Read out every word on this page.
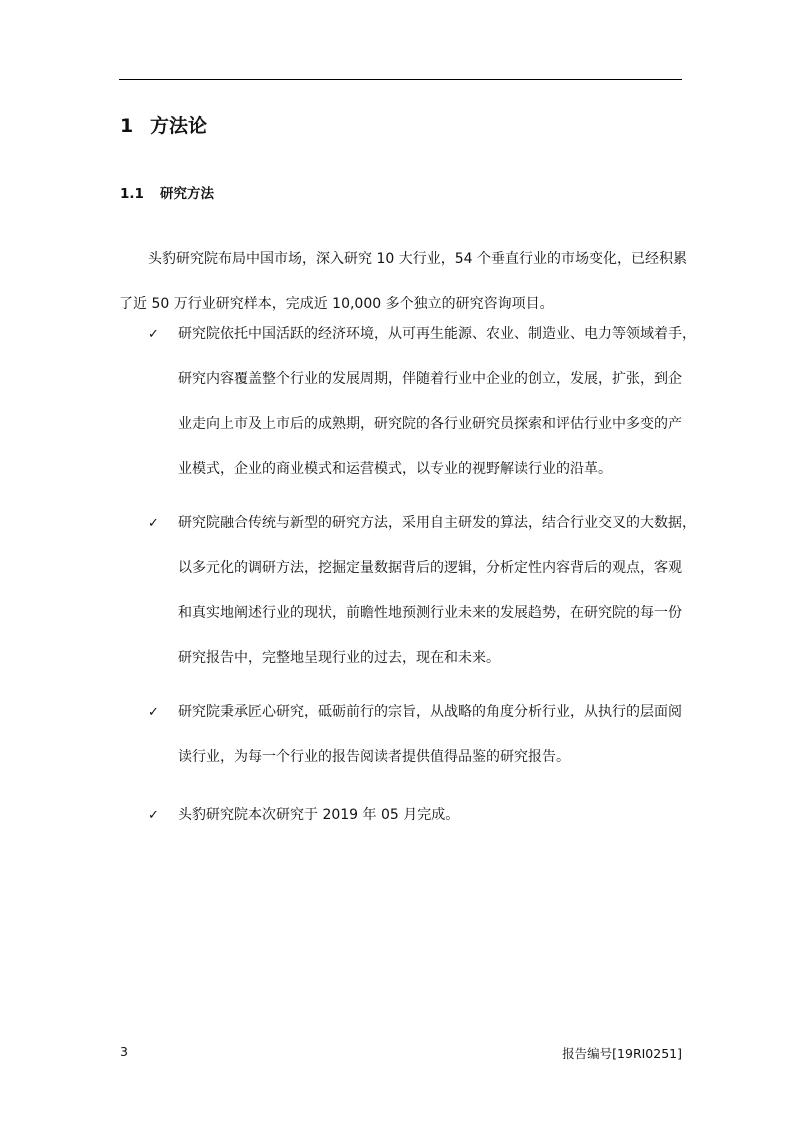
1 方法论
1.1 研究方法

头豹研究院布局中国市场，深入研究 10 大行业，54 个垂直行业的市场变化，已经积累

了近 50 万行业研究样本，完成近 10,000 多个独立的研究咨询项目。

✓ 研究院依托中国活跃的经济环境，从可再生能源、农业、制造业、电力等领域着手，
研究内容覆盖整个行业的发展周期，伴随着行业中企业的创立，发展，扩张，到企
业走向上市及上市后的成熟期，研究院的各行业研究员探索和评估行业中多变的产
业模式，企业的商业模式和运营模式，以专业的视野解读行业的沿革。
✓ 研究院融合传统与新型的研究方法，采用自主研发的算法，结合行业交叉的大数据，
以多元化的调研方法，挖掘定量数据背后的逻辑，分析定性内容背后的观点，客观
和真实地阐述行业的现状，前瞻性地预测行业未来的发展趋势，在研究院的每一份
研究报告中，完整地呈现行业的过去，现在和未来。
✓ 研究院秉承匠心研究，砥砺前行的宗旨，从战略的角度分析行业，从执行的层面阅
读行业，为每一个行业的报告阅读者提供值得品鉴的研究报告。
✓ 头豹研究院本次研究于 2019 年 05 月完成。
3	报告编号[19RI0251]
